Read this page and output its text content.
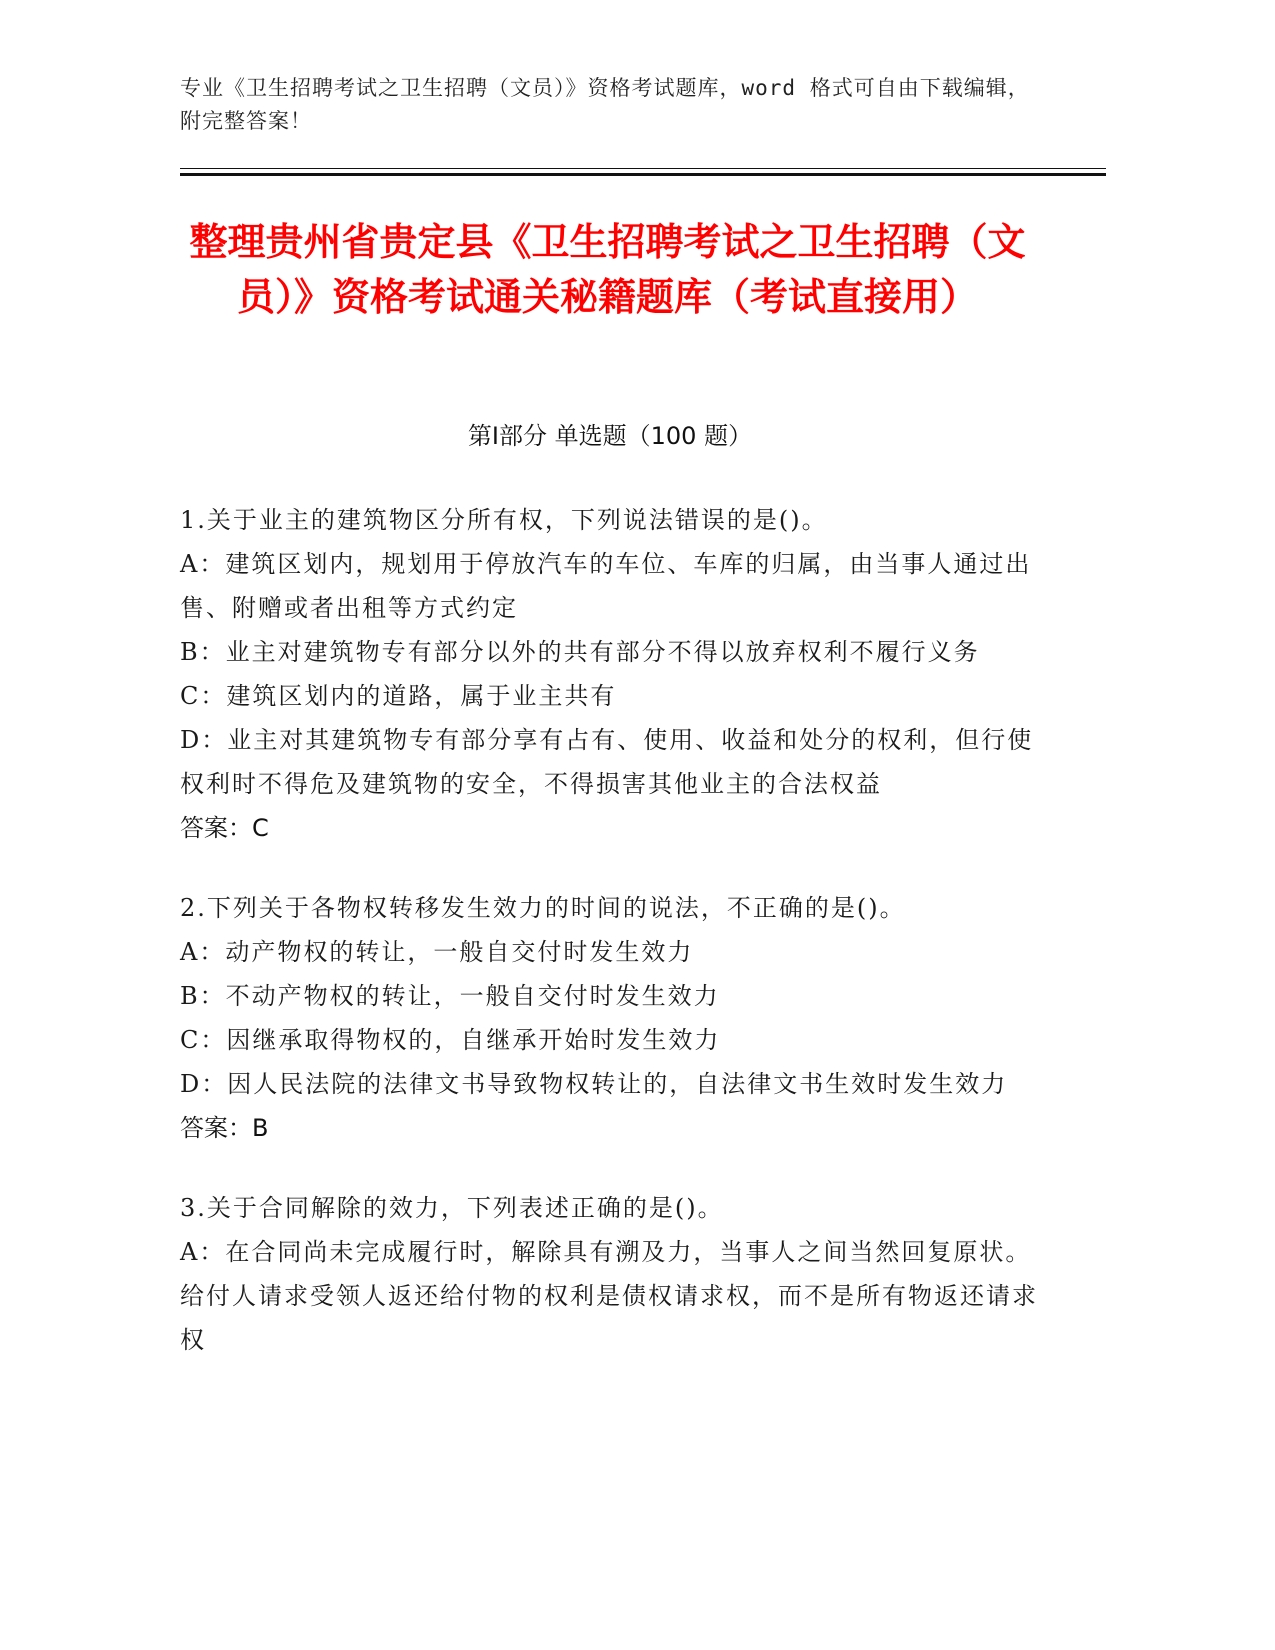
专业《卫生招聘考试之卫生招聘（文员）》资格考试题库，word 格式可自由下载编辑，附完整答案！
整理贵州省贵定县《卫生招聘考试之卫生招聘（文员）》资格考试通关秘籍题库（考试直接用）
第Ⅰ部分 单选题（100 题）

1.关于业主的建筑物区分所有权，下列说法错误的是()。

A：建筑区划内，规划用于停放汽车的车位、车库的归属，由当事人通过出售、附赠或者出租等方式约定

B：业主对建筑物专有部分以外的共有部分不得以放弃权利不履行义务

C：建筑区划内的道路，属于业主共有

D：业主对其建筑物专有部分享有占有、使用、收益和处分的权利，但行使权利时不得危及建筑物的安全，不得损害其他业主的合法权益

答案：C

2.下列关于各物权转移发生效力的时间的说法，不正确的是()。

A：动产物权的转让，一般自交付时发生效力

B：不动产物权的转让，一般自交付时发生效力

C：因继承取得物权的，自继承开始时发生效力

D：因人民法院的法律文书导致物权转让的，自法律文书生效时发生效力

答案：B

3.关于合同解除的效力，下列表述正确的是()。

A：在合同尚未完成履行时，解除具有溯及力，当事人之间当然回复原状。给付人请求受领人返还给付物的权利是债权请求权，而不是所有物返还请求权
